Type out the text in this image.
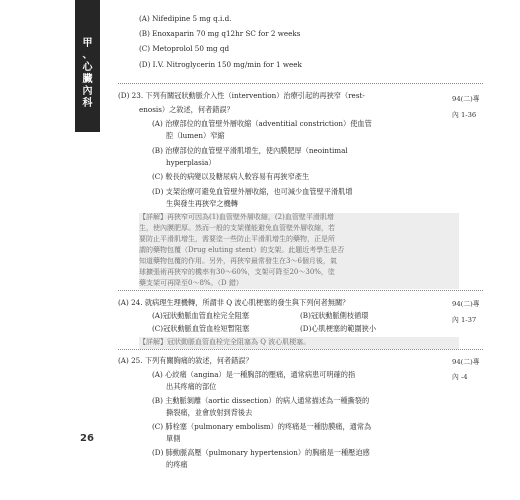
甲
、
心
臟
內
科
26
(A) Nifedipine 5 mg q.i.d.
(B) Enoxaparin 70 mg q12hr SC for 2 weeks
(C) Metoprolol 50 mg qd
(D) I.V. Nitroglycerin 150 mg/min for 1 week
(D) 23. 下列有關冠狀動脈介入性（intervention）治療引起的再狹窄（rest-
enosis）之敘述，何者錯誤？
94(二)專
內 1-36
(A) 治療部位的血管壁外層收縮（adventitial constriction）使血管
腔（lumen）窄縮
(B) 治療部位的血管壁平滑肌增生，使內膜肥厚（neointimal
hyperplasia）
(C) 較長的病變以及糖尿病人較容易有再狹窄產生
(D) 支架治療可避免血管壁外層收縮，也可減少血管壁平滑肌增
生與發生再狹窄之機轉
【詳解】再狹窄可因為(1)血管壁外層收縮，(2)血管壁平滑肌增
生，使內膜肥厚。然而一般的支架僅能避免血管壁外層收縮，若
要防止平滑肌增生，需要塗一些防止平滑肌增生的藥物，正是所
謂的藥物包覆（Drug eluting stent）的支架。此題近考學生是否
知道藥物包覆的作用。另外，再狹窄最常發生在3～6個月後，氣
球擴張術再狹窄的機率有30～60%，支架可降至20～30%，塗
藥支架可再降至0～8%。（D 錯）
(A) 24. 就病理生理機轉，所謂非 Q 波心肌梗塞的發生與下列何者無關？	94(二)專
內 1-37
(A)冠狀動脈血管血栓完全阻塞	(B)冠狀動脈側枝循環
(C)冠狀動脈血管血栓短暫阻塞	(D)心肌梗塞的範圍狹小
【詳解】冠狀動脈血管血栓完全阻塞為 Q 波心肌梗塞。
(A) 25. 下列有關胸痛的敘述，何者錯誤？	94(二)專
內 -4
(A) 心絞痛（angina）是一種胸部的壓痛，通常病患可明確的指
出其疼痛的部位
(B) 主動脈剝離（aortic dissection）的病人通常描述為一種撕裂的
撕裂痛，並會放射到背後去
(C) 肺栓塞（pulmonary embolism）的疼痛是一種肋膜痛，通常為
單側
(D) 肺動脈高壓（pulmonary hypertension）的胸痛是一種壓迫感
的疼痛
